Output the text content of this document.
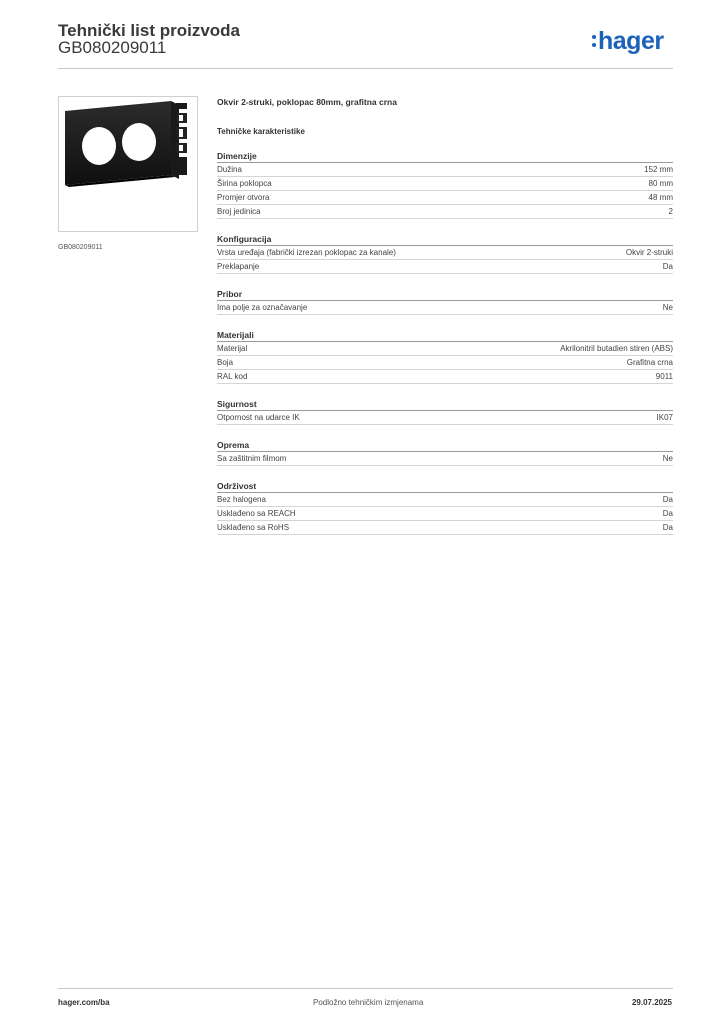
Tehnički list proizvoda
GB080209011	hager
GB080209011
Okvir 2-struki, poklopac 80mm, grafitna crna
Tehničke karakteristike
Dimenzije
Dužina	152 mm
Širina poklopca	80 mm
Promjer otvora	48 mm
Broj jedinica	2
Konfiguracija
Vrsta uređaja (fabrički izrezan poklopac za kanale)	Okvir 2-struki
Preklapanje	Da
Pribor
Ima polje za označavanje	Ne
Materijali
Materijal	Akrilonitril butadien stiren (ABS)
Boja	Grafitna crna
RAL kod	9011
Sigurnost
Otpornost na udarce IK	IK07
Oprema
Sa zaštitnim filmom	Ne
Održivost
Bez halogena	Da
Usklađeno sa REACH	Da
Usklađeno sa RoHS	Da
hager.com/ba	Podložno tehničkim izmjenama	29.07.2025
